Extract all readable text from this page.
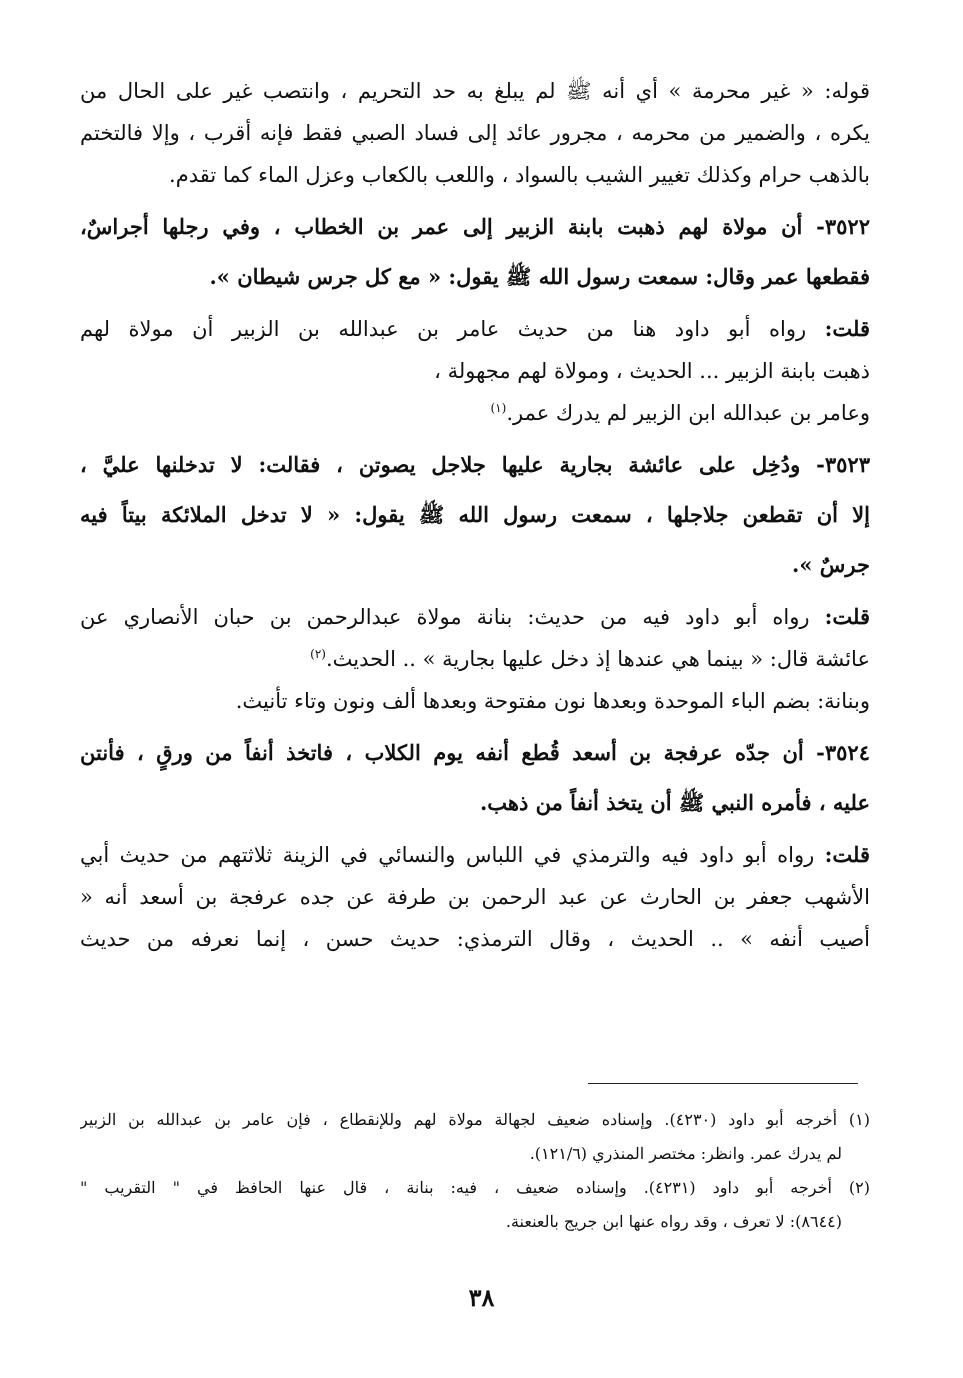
قوله: « غير محرمة » أي أنه ﷺ لم يبلغ به حد التحريم ، وانتصب غير على الحال من
يكره ، والضمير من محرمه ، مجرور عائد إلى فساد الصبي فقط فإنه أقرب ، وإلا فالتختم
بالذهب حرام وكذلك تغيير الشيب بالسواد ، واللعب بالكعاب وعزل الماء كما تقدم.
٣٥٢٢- أن مولاة لهم ذهبت بابنة الزبير إلى عمر بن الخطاب ، وفي رجلها أجراسٌ،
فقطعها عمر وقال: سمعت رسول الله ﷺ يقول: « مع كل جرس شيطان ».
قلت: رواه أبو داود هنا من حديث عامر بن عبدالله بن الزبير أن مولاة لهم
ذهبت بابنة الزبير ... الحديث ، ومولاة لهم مجهولة ،
وعامر بن عبدالله ابن الزبير لم يدرك عمر.$^{(١)}$
٣٥٢٣- ودُخِل على عائشة بجارية عليها جلاجل يصوتن ، فقالت: لا تدخلنها عليَّ ،
إلا أن تقطعن جلاجلها ، سمعت رسول الله ﷺ يقول: « لا تدخل الملائكة بيتاً فيه
جرسٌ ».
قلت: رواه أبو داود فيه من حديث: بنانة مولاة عبدالرحمن بن حبان الأنصاري عن
عائشة قال: « بينما هي عندها إذ دخل عليها بجارية » .. الحديث.$^{(٢)}$
وبنانة: بضم الباء الموحدة وبعدها نون مفتوحة وبعدها ألف ونون وتاء تأنيث.
٣٥٢٤- أن جدّه عرفجة بن أسعد قُطع أنفه يوم الكلاب ، فاتخذ أنفاً من ورقٍ ، فأنتن
عليه ، فأمره النبي ﷺ أن يتخذ أنفاً من ذهب.
قلت: رواه أبو داود فيه والترمذي في اللباس والنسائي في الزينة ثلاثتهم من حديث أبي
الأشهب جعفر بن الحارث عن عبد الرحمن بن طرفة عن جده عرفجة بن أسعد أنه «
أصيب أنفه » .. الحديث ، وقال الترمذي: حديث حسن ، إنما نعرفه من حديث
(١) أخرجه أبو داود (٤٢٣٠). وإسناده ضعيف لجهالة مولاة لهم وللإنقطاع ، فإن عامر بن عبدالله بن الزبير
لم يدرك عمر. وانظر: مختصر المنذري (١٢١/٦).
(٢) أخرجه أبو داود (٤٢٣١). وإسناده ضعيف ، فيه: بنانة ، قال عنها الحافظ في " التقريب "
(٨٦٤٤): لا تعرف ، وقد رواه عنها ابن جريج بالعنعنة.
٣٨
